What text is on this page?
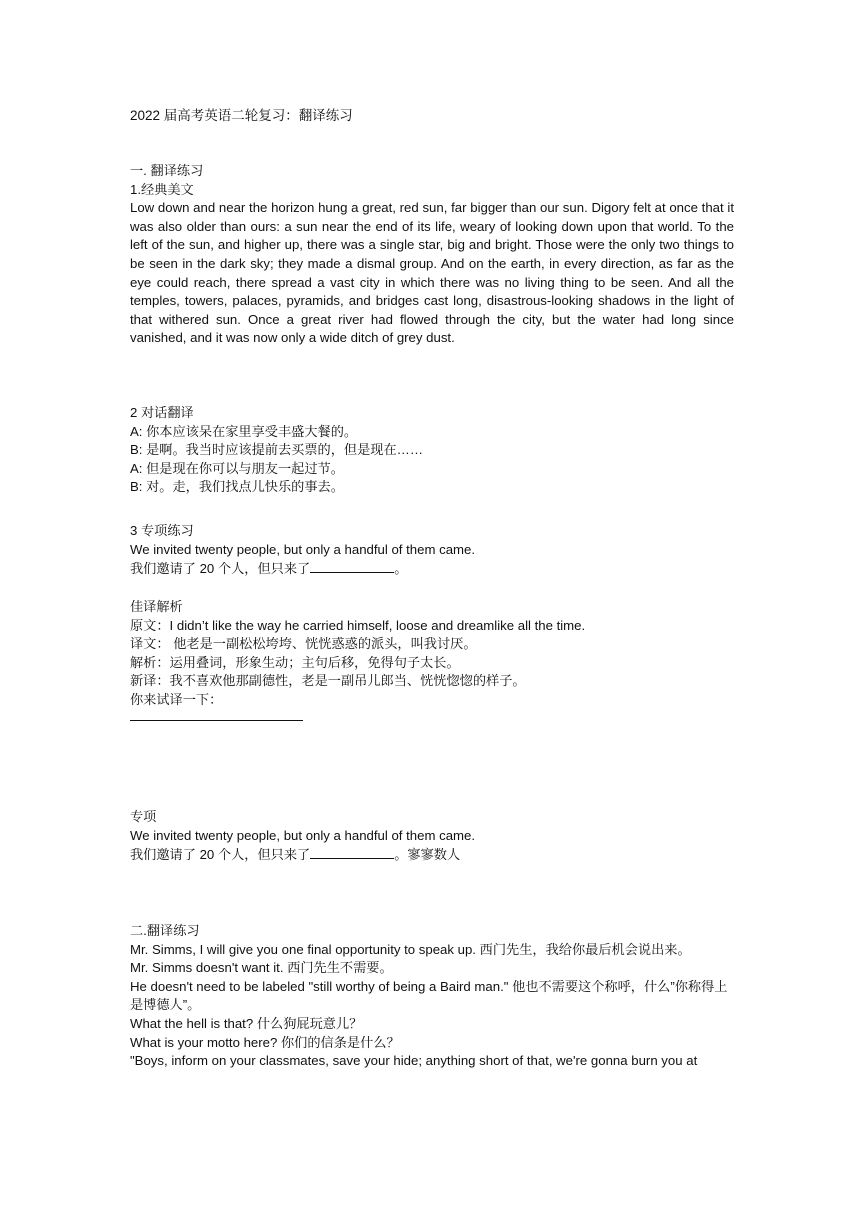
2022 届高考英语二轮复习：翻译练习
一. 翻译练习
1.经典美文
Low down and near the horizon hung a great, red sun, far bigger than our sun. Digory felt at once that it was also older than ours: a sun near the end of its life, weary of looking down upon that world. To the left of the sun, and higher up, there was a single star, big and bright. Those were the only two things to be seen in the dark sky; they made a dismal group. And on the earth, in every direction, as far as the eye could reach, there spread a vast city in which there was no living thing to be seen. And all the temples, towers, palaces, pyramids, and bridges cast long, disastrous-looking shadows in the light of that withered sun. Once a great river had flowed through the city, but the water had long since vanished, and it was now only a wide ditch of grey dust.
2 对话翻译
A: 你本应该呆在家里享受丰盛大餐的。
B: 是啊。我当时应该提前去买票的，但是现在……
A: 但是现在你可以与朋友一起过节。
B: 对。走，我们找点儿快乐的事去。
3 专项练习
We invited twenty people, but only a handful of them came.
我们邀请了 20 个人，但只来了	。
佳译解析
原文：I didn’t like the way he carried himself, loose and dreamlike all the time.
译文： 他老是一副松松垮垮、恍恍惑惑的派头，叫我讨厌。
解析：运用叠词，形象生动；主句后移，免得句子太长。
新译：我不喜欢他那副德性，老是一副吊儿郎当、恍恍惚惚的样子。
你来试译一下：
专项
We invited twenty people, but only a handful of them came.
我们邀请了 20 个人，但只来了	。寥寥数人
二.翻译练习
Mr. Simms, I will give you one final opportunity to speak up. 西门先生，我给你最后机会说出来。
Mr. Simms doesn't want it. 西门先生不需要。
He doesn't need to be labeled "still worthy of being a Baird man." 他也不需要这个称呼，什么”你称得上是博德人”。
What the hell is that? 什么狗屁玩意儿？
What is your motto here? 你们的信条是什么？
"Boys, inform on your classmates, save your hide; anything short of that, we're gonna burn you at
